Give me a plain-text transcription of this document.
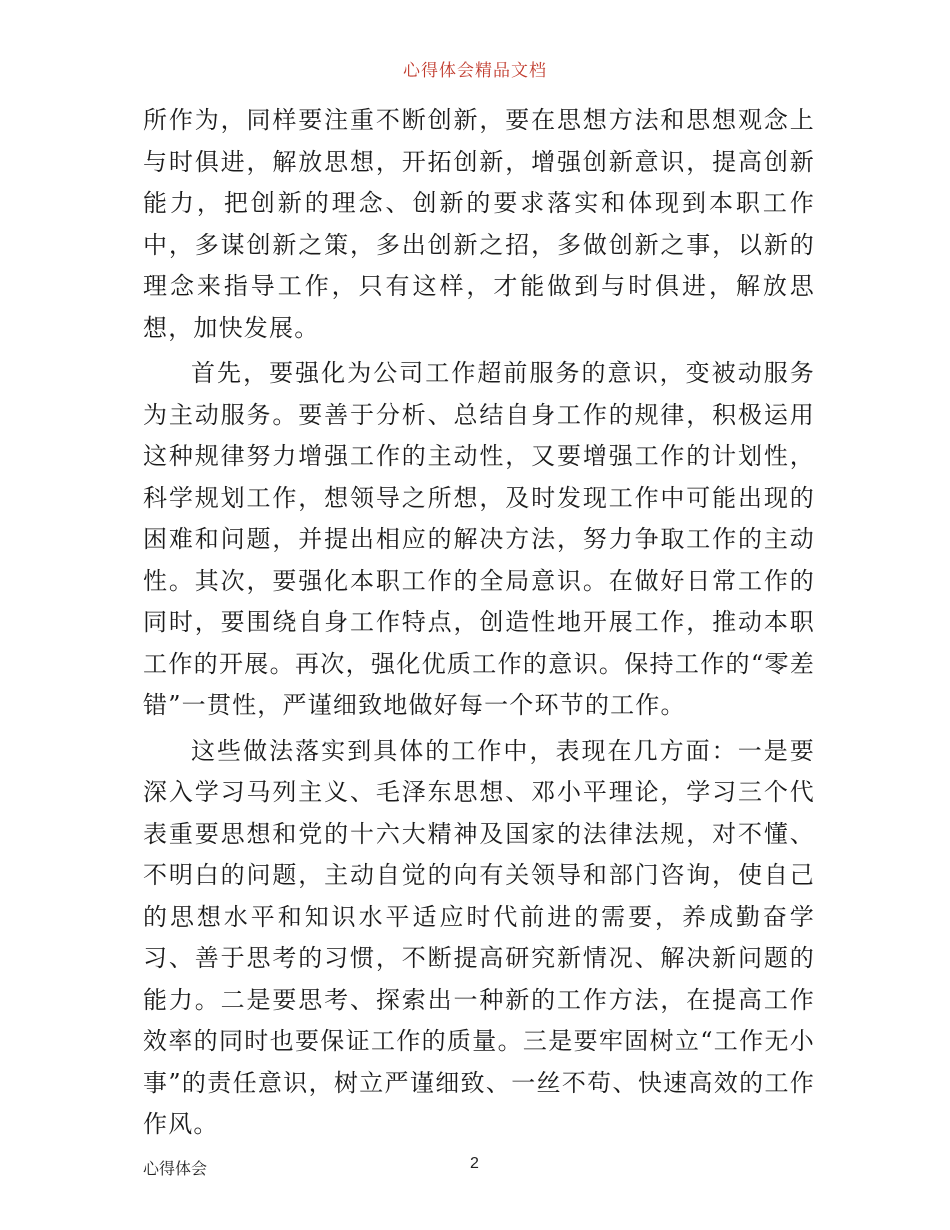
心得体会精品文档

所作为，同样要注重不断创新，要在思想方法和思想观念上与时俱进，解放思想，开拓创新，增强创新意识，提高创新能力，把创新的理念、创新的要求落实和体现到本职工作中，多谋创新之策，多出创新之招，多做创新之事，以新的理念来指导工作，只有这样，才能做到与时俱进，解放思想，加快发展。

首先，要强化为公司工作超前服务的意识，变被动服务为主动服务。要善于分析、总结自身工作的规律，积极运用这种规律努力增强工作的主动性，又要增强工作的计划性，科学规划工作，想领导之所想，及时发现工作中可能出现的困难和问题，并提出相应的解决方法，努力争取工作的主动性。其次，要强化本职工作的全局意识。在做好日常工作的同时，要围绕自身工作特点，创造性地开展工作，推动本职工作的开展。再次，强化优质工作的意识。保持工作的“零差错”一贯性，严谨细致地做好每一个环节的工作。

这些做法落实到具体的工作中，表现在几方面：一是要深入学习马列主义、毛泽东思想、邓小平理论，学习三个代表重要思想和党的十六大精神及国家的法律法规，对不懂、不明白的问题，主动自觉的向有关领导和部门咨询，使自己的思想水平和知识水平适应时代前进的需要，养成勤奋学习、善于思考的习惯，不断提高研究新情况、解决新问题的能力。二是要思考、探索出一种新的工作方法，在提高工作效率的同时也要保证工作的质量。三是要牢固树立“工作无小事”的责任意识，树立严谨细致、一丝不苟、快速高效的工作作风。

心得体会	2
